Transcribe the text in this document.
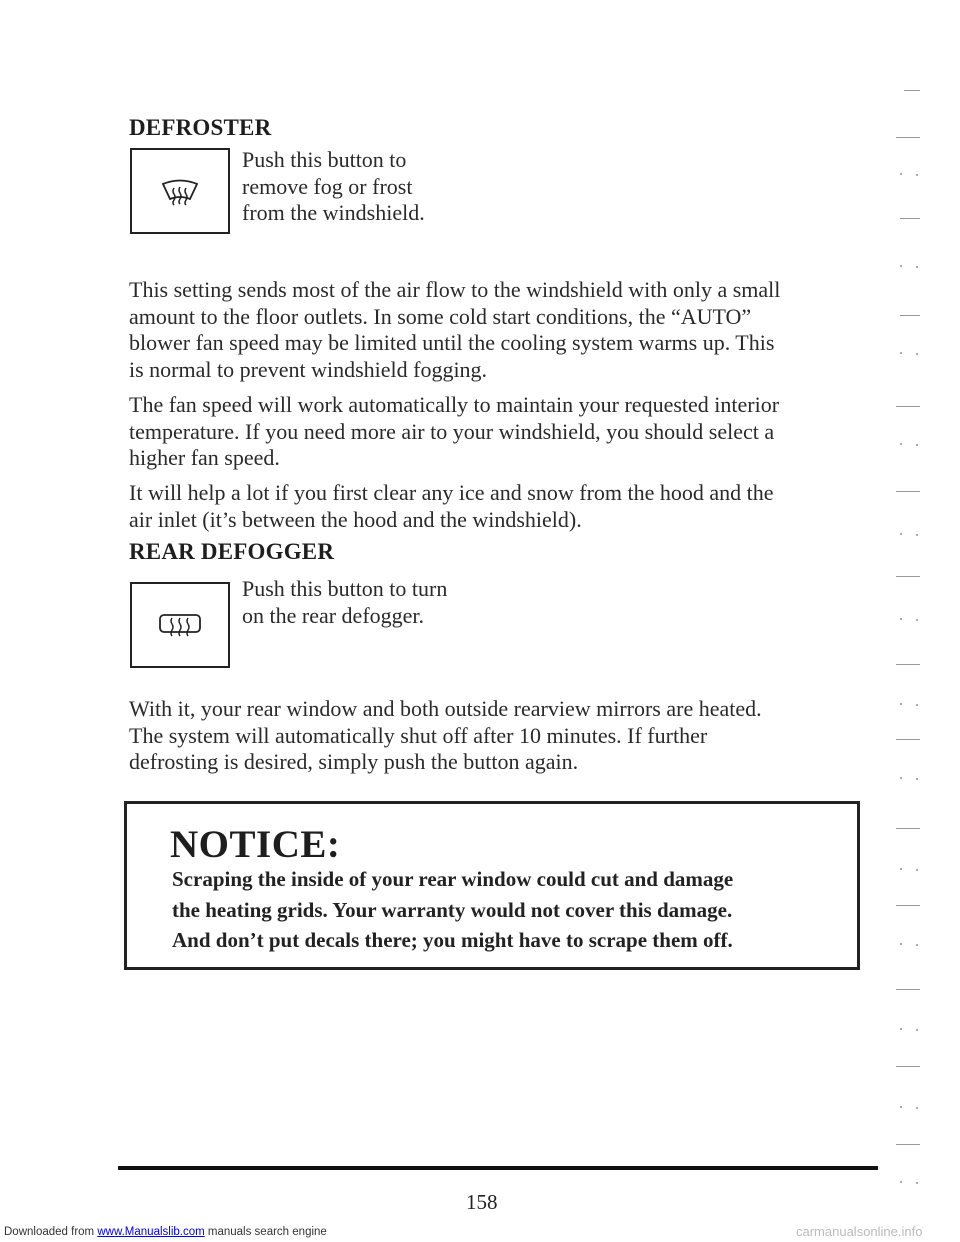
Downloaded from www.Manualslib.com manuals search engine
DEFROSTER
Push this button to
remove fog or frost
from the windshield.
This setting sends most of the air flow to the windshield with only a small
amount to the floor outlets. In some cold start conditions, the “AUTO”
blower fan speed may be limited until the cooling system warms up. This
is normal to prevent windshield fogging.
The fan speed will work automatically to maintain your requested interior
temperature. If you need more air to your windshield, you should select a
higher fan speed.
It will help a lot if you first clear any ice and snow from the hood and the
air inlet (it’s between the hood and the windshield).
REAR DEFOGGER
Push this button to turn
on the rear defogger.
With it, your rear window and both outside rearview mirrors are heated.
The system will automatically shut off after 10 minutes. If further
defrosting is desired, simply push the button again.
NOTICE:
Scraping the inside of your rear window could cut and damage
the heating grids. Your warranty would not cover this damage.
And don’t put decals there; you might have to scrape them off.
158
carmanualsonline.info
